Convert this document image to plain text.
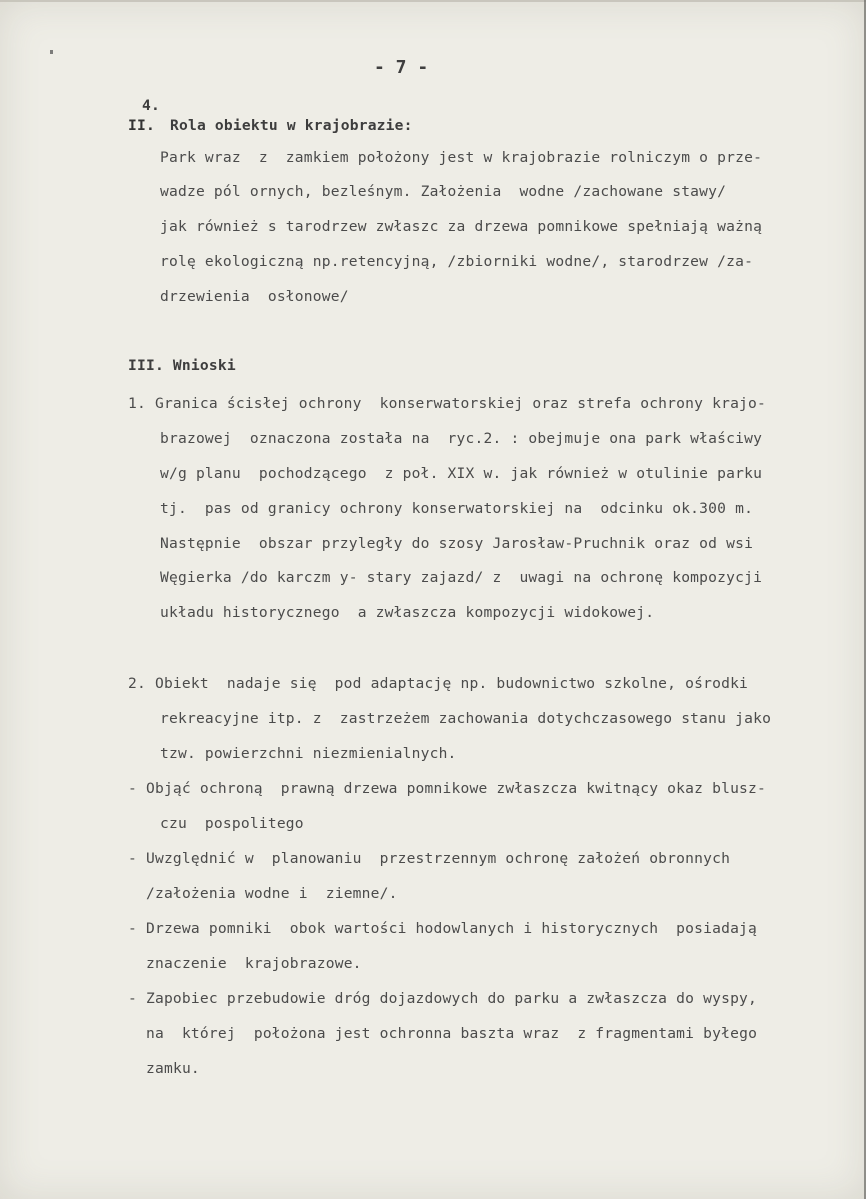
- 7 -
4.
II. Rola obiektu w krajobrazie:
Park wraz  z  zamkiem położony jest w krajobrazie rolniczym o prze-
wadze pól ornych, bezleśnym. Założenia  wodne /zachowane stawy/
jak również s tarodrzew zwłaszc za drzewa pomnikowe spełniają ważną
rolę ekologiczną np.retencyjną, /zbiorniki wodne/, starodrzew /za-
drzewienia  osłonowe/
III. Wnioski
1. Granica ścisłej ochrony  konserwatorskiej oraz strefa ochrony krajo-
brazowej  oznaczona została na  ryc.2. : obejmuje ona park właściwy
w/g planu  pochodzącego  z poł. XIX w. jak również w otulinie parku
tj.  pas od granicy ochrony konserwatorskiej na  odcinku ok.300 m.
Następnie  obszar przyległy do szosy Jarosław-Pruchnik oraz od wsi
Węgierka /do karczm y- stary zajazd/ z  uwagi na ochronę kompozycji
układu historycznego  a zwłaszcza kompozycji widokowej.
2. Obiekt  nadaje się  pod adaptację np. budownictwo szkolne, ośrodki
rekreacyjne itp. z  zastrzeżem zachowania dotychczasowego stanu jako
tzw. powierzchni niezmienialnych.
- Objąć ochroną  prawną drzewa pomnikowe zwłaszcza kwitnący okaz blusz-
czu  pospolitego
- Uwzględnić w  planowaniu  przestrzennym ochronę założeń obronnych
/założenia wodne i  ziemne/.
- Drzewa pomniki  obok wartości hodowlanych i historycznych  posiadają
znaczenie  krajobrazowe.
- Zapobiec przebudowie dróg dojazdowych do parku a zwłaszcza do wyspy,
na  której  położona jest ochronna baszta wraz  z fragmentami byłego
zamku.
